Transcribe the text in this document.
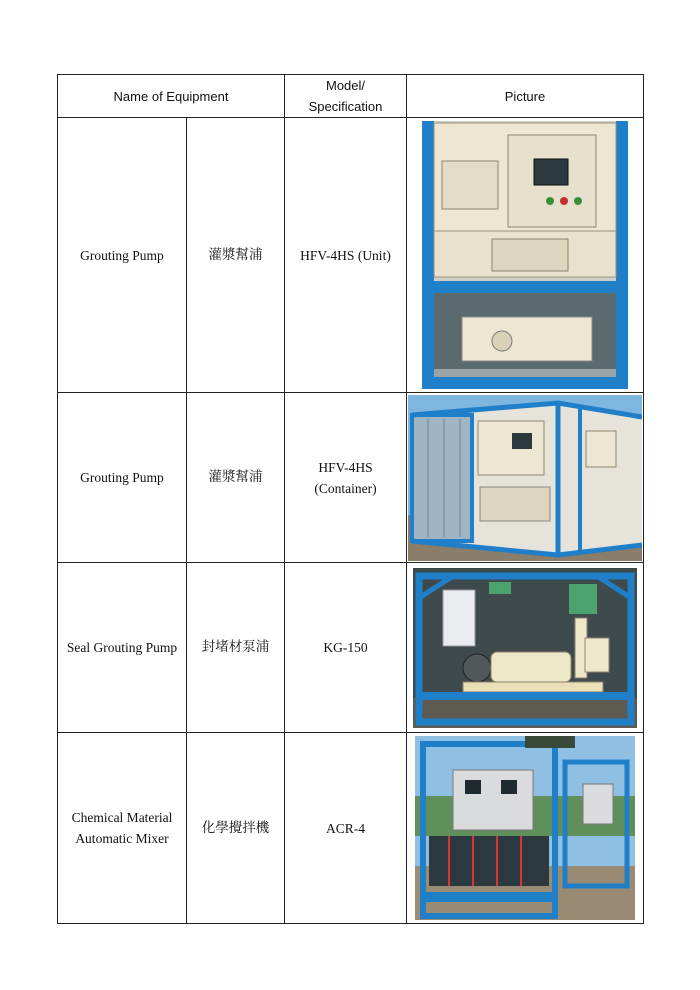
Name of Equipment		Model/ Specification	Picture
Grouting Pump	灌漿幫浦	HFV-4HS (Unit)	

Grouting Pump	灌漿幫浦	HFV-4HS (Container)	

Seal Grouting Pump	封堵材泵浦	KG-150	

Chemical Material Automatic Mixer	化學攪拌機	ACR-4	
